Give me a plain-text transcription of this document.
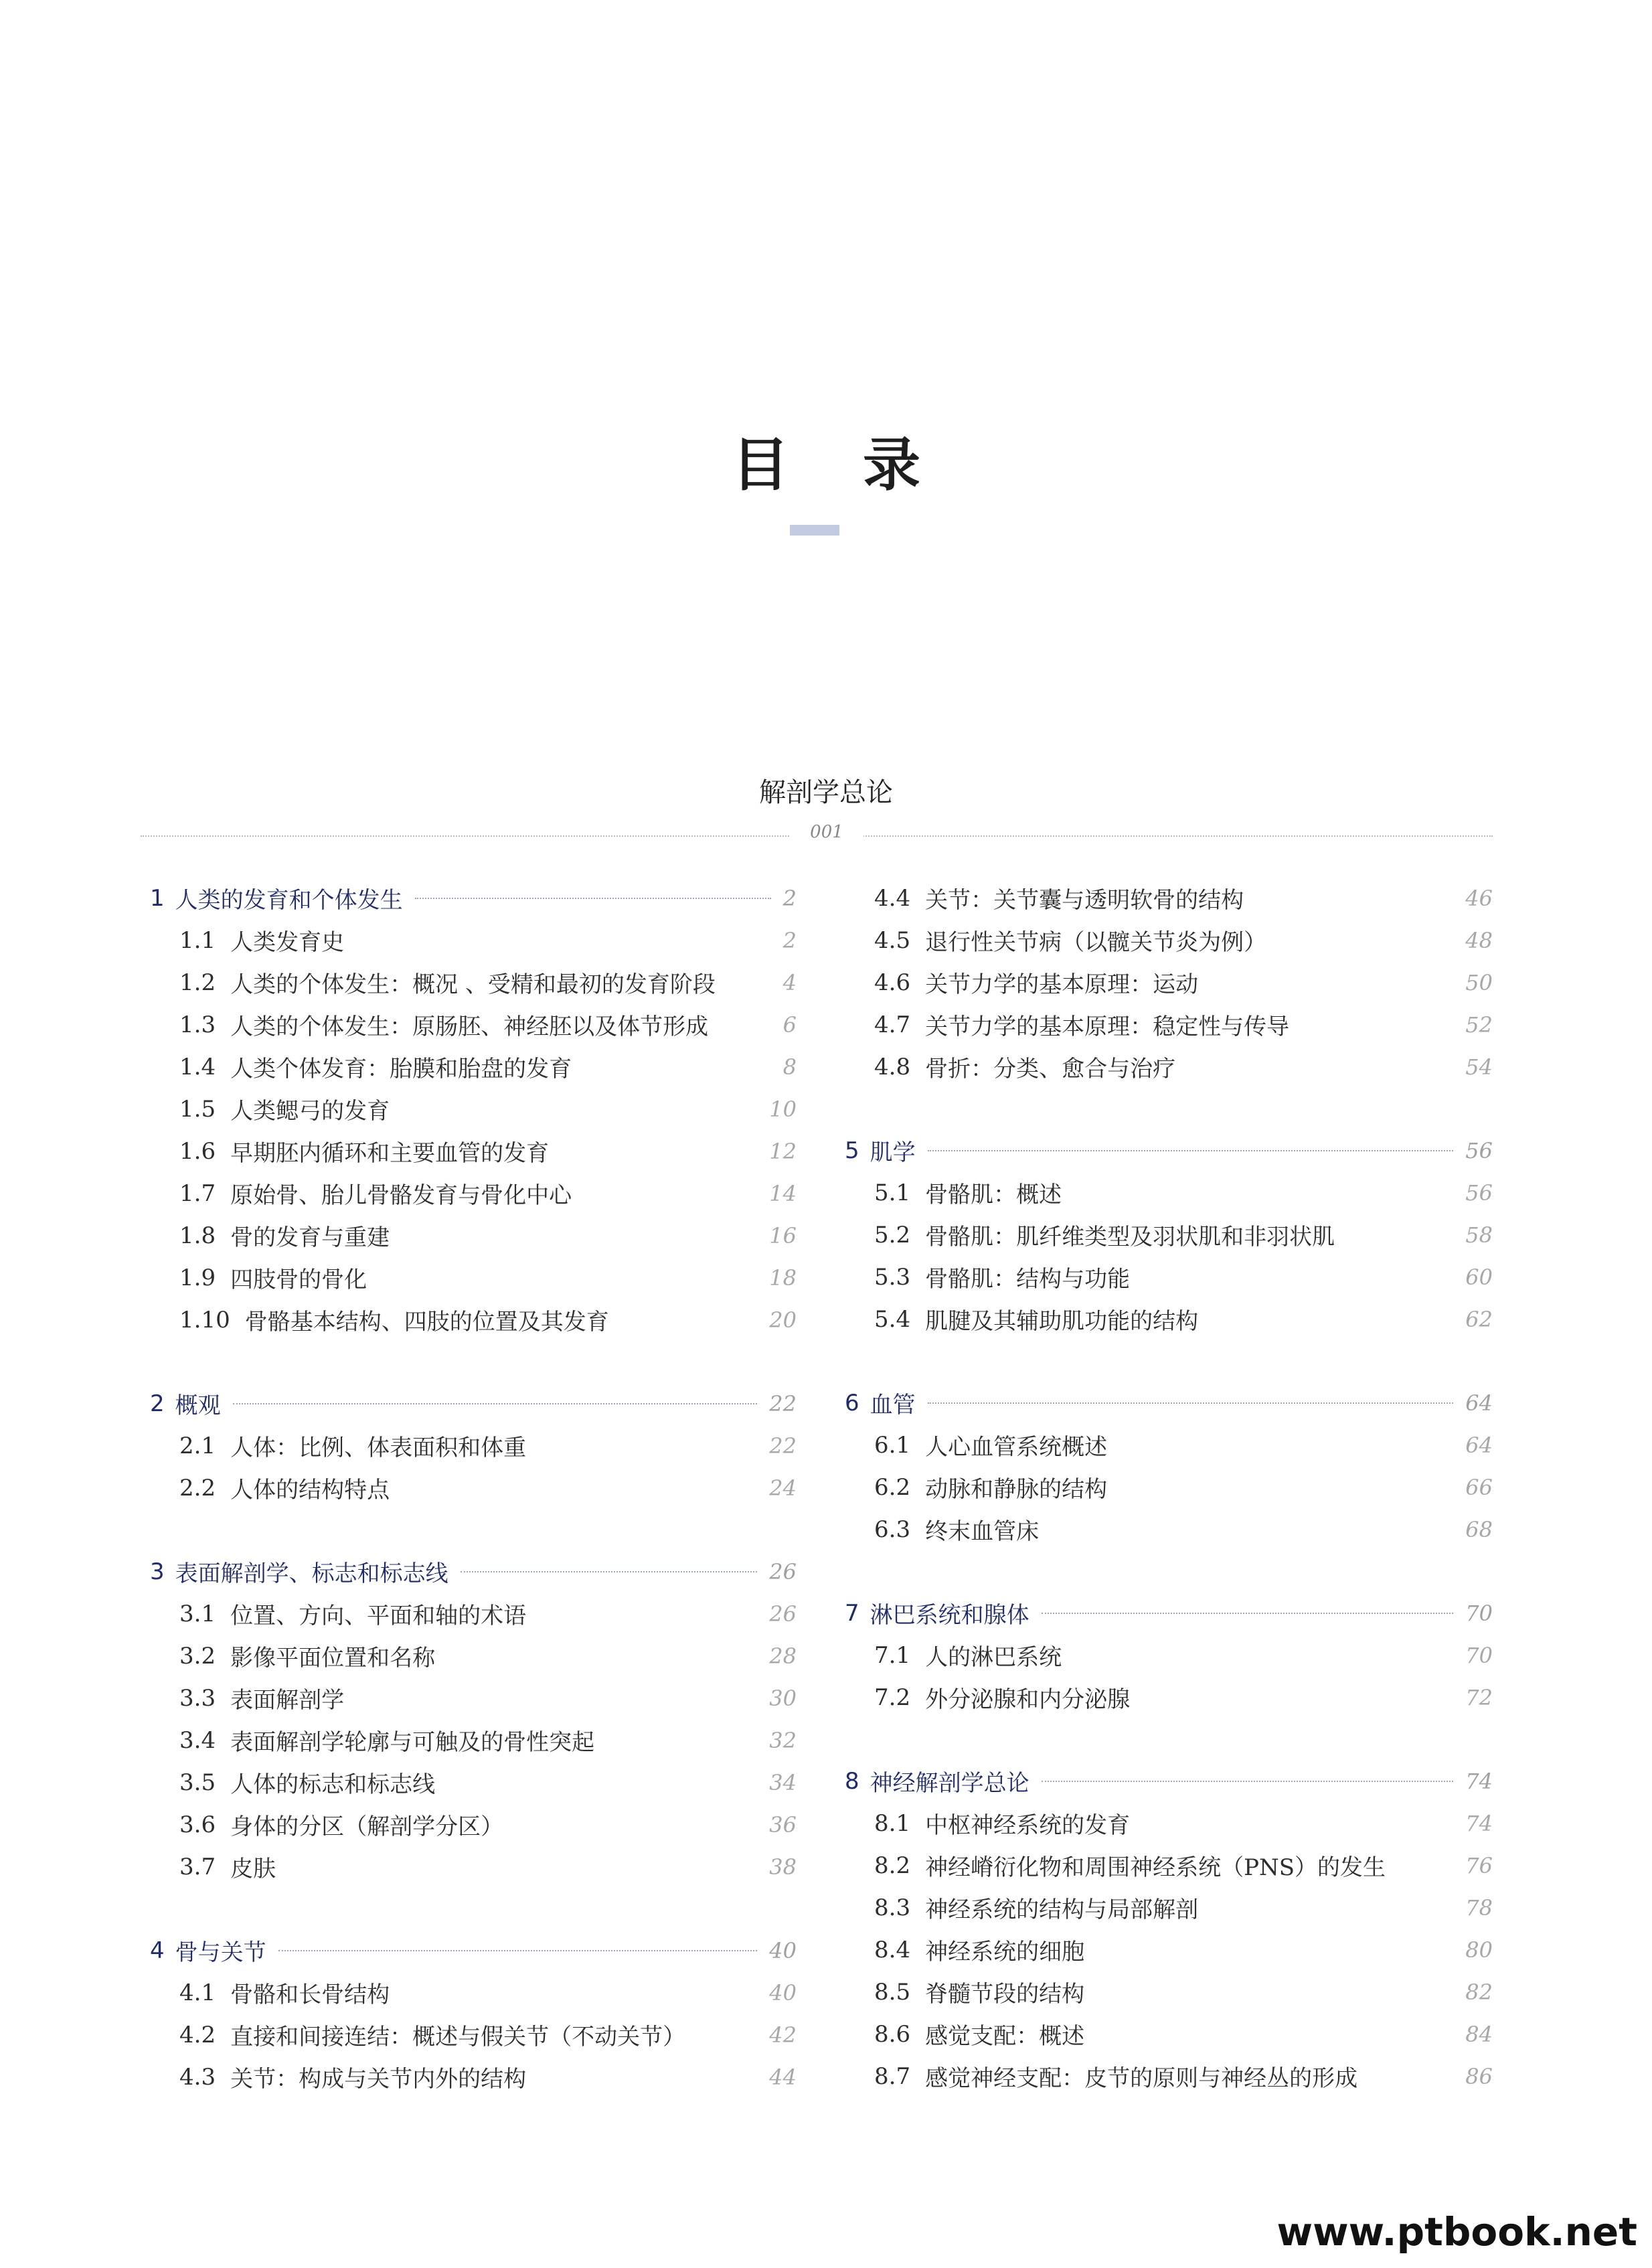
目 录
解剖学总论
001
1 人类的发育和个体发生	2
1.1 人类发育史	2
1.2 人类的个体发生：概况 、受精和最初的发育阶段	4
1.3 人类的个体发生：原肠胚、神经胚以及体节形成	6
1.4 人类个体发育：胎膜和胎盘的发育	8
1.5 人类鳃弓的发育	10
1.6 早期胚内循环和主要血管的发育	12
1.7 原始骨、胎儿骨骼发育与骨化中心	14
1.8 骨的发育与重建	16
1.9 四肢骨的骨化	18
1.10 骨骼基本结构、四肢的位置及其发育	20
2 概观	22
2.1 人体：比例、体表面积和体重	22
2.2 人体的结构特点	24
3 表面解剖学、标志和标志线	26
3.1 位置、方向、平面和轴的术语	26
3.2 影像平面位置和名称	28
3.3 表面解剖学	30
3.4 表面解剖学轮廓与可触及的骨性突起	32
3.5 人体的标志和标志线	34
3.6 身体的分区（解剖学分区）	36
3.7 皮肤	38
4 骨与关节	40
4.1 骨骼和长骨结构	40
4.2 直接和间接连结：概述与假关节（不动关节）	42
4.3 关节：构成与关节内外的结构	44
4.4 关节：关节囊与透明软骨的结构	46
4.5 退行性关节病（以髋关节炎为例）	48
4.6 关节力学的基本原理：运动	50
4.7 关节力学的基本原理：稳定性与传导	52
4.8 骨折：分类、愈合与治疗	54
5 肌学	56
5.1 骨骼肌：概述	56
5.2 骨骼肌：肌纤维类型及羽状肌和非羽状肌	58
5.3 骨骼肌：结构与功能	60
5.4 肌腱及其辅助肌功能的结构	62
6 血管	64
6.1 人心血管系统概述	64
6.2 动脉和静脉的结构	66
6.3 终末血管床	68
7 淋巴系统和腺体	70
7.1 人的淋巴系统	70
7.2 外分泌腺和内分泌腺	72
8 神经解剖学总论	74
8.1 中枢神经系统的发育	74
8.2 神经嵴衍化物和周围神经系统（PNS）的发生	76
8.3 神经系统的结构与局部解剖	78
8.4 神经系统的细胞	80
8.5 脊髓节段的结构	82
8.6 感觉支配：概述	84
8.7 感觉神经支配：皮节的原则与神经丛的形成	86
www.ptbook.net
